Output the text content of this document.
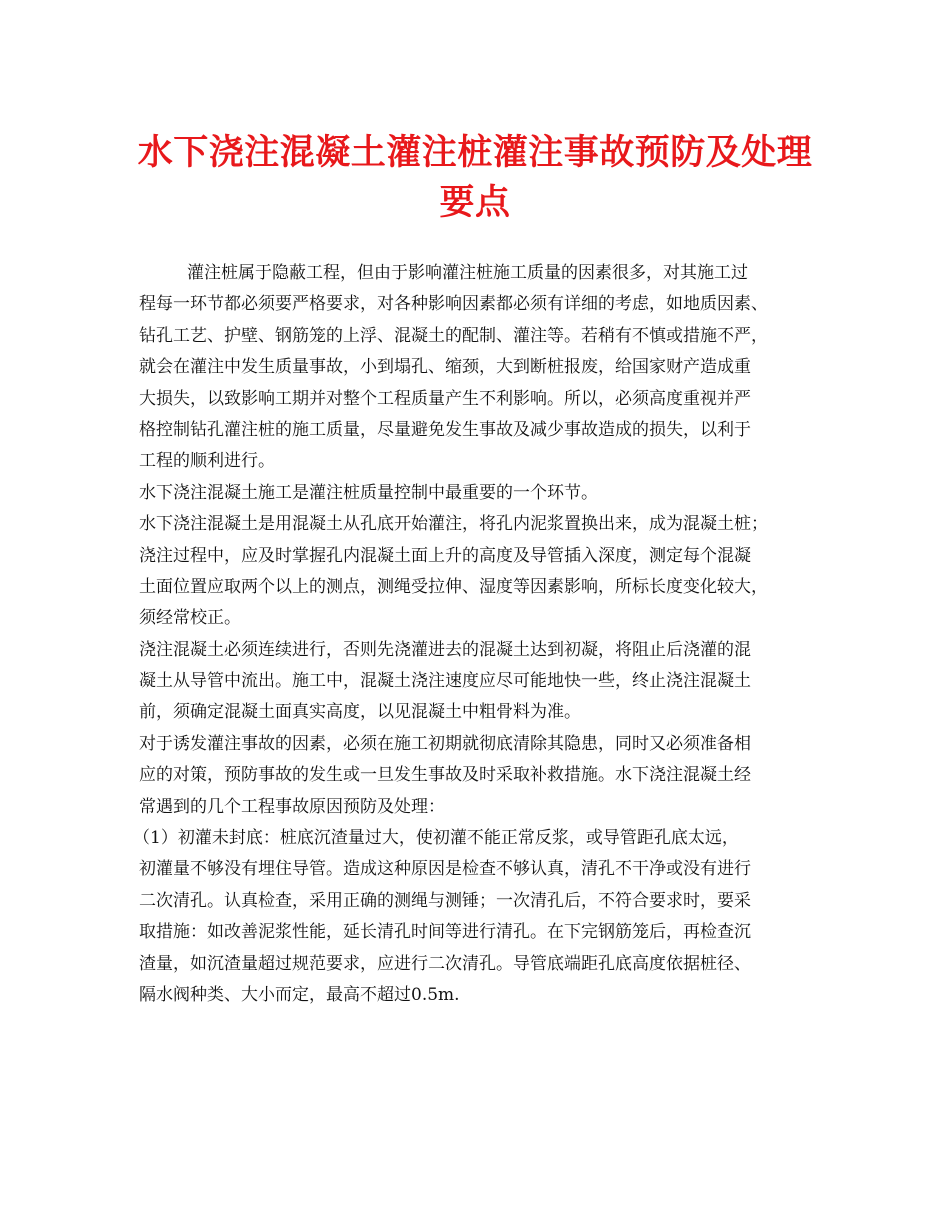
水下浇注混凝土灌注桩灌注事故预防及处理
要点
灌注桩属于隐蔽工程，但由于影响灌注桩施工质量的因素很多，对其施工过
程每一环节都必须要严格要求，对各种影响因素都必须有详细的考虑，如地质因素、
钻孔工艺、护壁、钢筋笼的上浮、混凝土的配制、灌注等。若稍有不慎或措施不严，
就会在灌注中发生质量事故，小到塌孔、缩颈，大到断桩报废，给国家财产造成重
大损失，以致影响工期并对整个工程质量产生不利影响。所以，必须高度重视并严
格控制钻孔灌注桩的施工质量，尽量避免发生事故及减少事故造成的损失，以利于
工程的顺利进行。
水下浇注混凝土施工是灌注桩质量控制中最重要的一个环节。
水下浇注混凝土是用混凝土从孔底开始灌注，将孔内泥浆置换出来，成为混凝土桩；
浇注过程中，应及时掌握孔内混凝土面上升的高度及导管插入深度，测定每个混凝
土面位置应取两个以上的测点，测绳受拉伸、湿度等因素影响，所标长度变化较大，
须经常校正。
浇注混凝土必须连续进行，否则先浇灌进去的混凝土达到初凝，将阻止后浇灌的混
凝土从导管中流出。施工中，混凝土浇注速度应尽可能地快一些，终止浇注混凝土
前，须确定混凝土面真实高度，以见混凝土中粗骨料为准。
对于诱发灌注事故的因素，必须在施工初期就彻底清除其隐患，同时又必须准备相
应的对策，预防事故的发生或一旦发生事故及时采取补救措施。水下浇注混凝土经
常遇到的几个工程事故原因预防及处理：
（1）初灌未封底：桩底沉渣量过大，使初灌不能正常反浆，或导管距孔底太远，
初灌量不够没有埋住导管。造成这种原因是检查不够认真，清孔不干净或没有进行
二次清孔。认真检查，采用正确的测绳与测锤；一次清孔后，不符合要求时，要采
取措施：如改善泥浆性能，延长清孔时间等进行清孔。在下完钢筋笼后，再检查沉
渣量，如沉渣量超过规范要求，应进行二次清孔。导管底端距孔底高度依据桩径、
隔水阀种类、大小而定，最高不超过0.5m.
